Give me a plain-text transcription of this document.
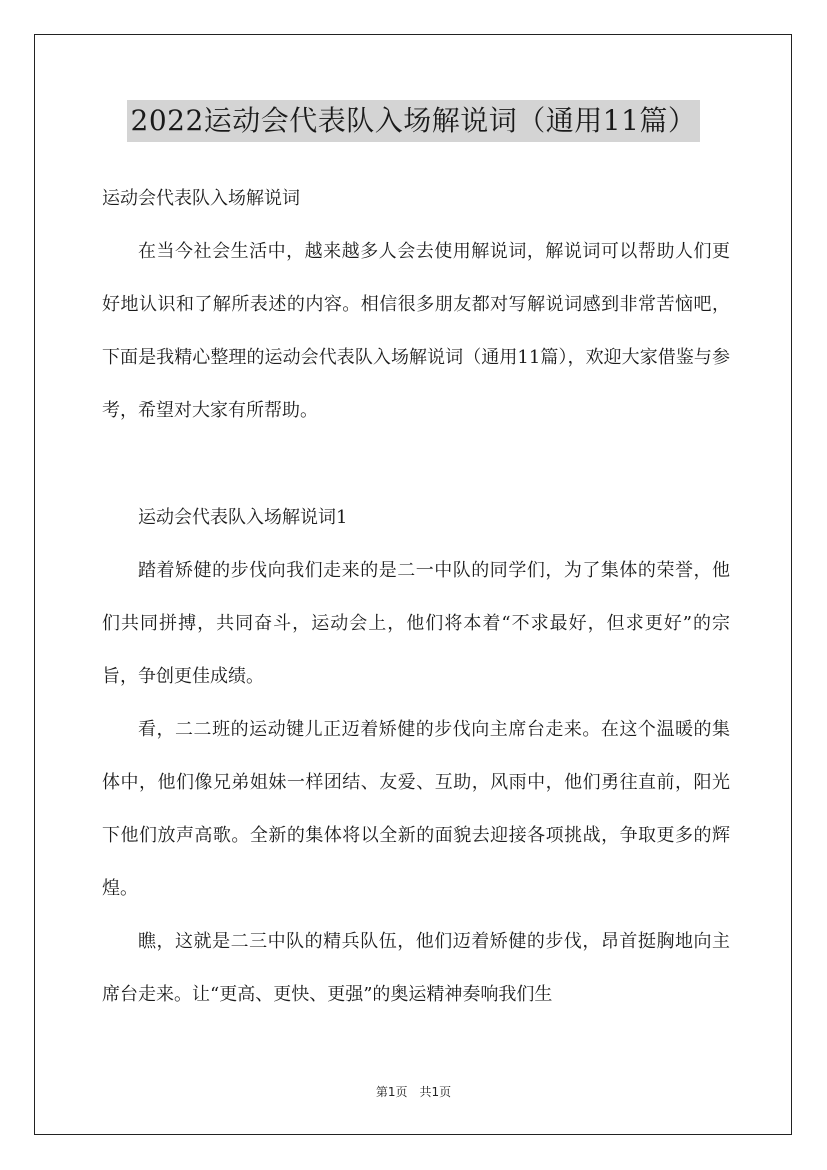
2022运动会代表队入场解说词（通用11篇）

运动会代表队入场解说词

在当今社会生活中，越来越多人会去使用解说词，解说词可以帮助人们更好地认识和了解所表述的内容。相信很多朋友都对写解说词感到非常苦恼吧，下面是我精心整理的运动会代表队入场解说词（通用11篇），欢迎大家借鉴与参考，希望对大家有所帮助。

运动会代表队入场解说词1

踏着矫健的步伐向我们走来的是二一中队的同学们，为了集体的荣誉，他们共同拼搏，共同奋斗，运动会上，他们将本着“不求最好，但求更好”的宗旨，争创更佳成绩。

看，二二班的运动键儿正迈着矫健的步伐向主席台走来。在这个温暖的集体中，他们像兄弟姐妹一样团结、友爱、互助，风雨中，他们勇往直前，阳光下他们放声高歌。全新的集体将以全新的面貌去迎接各项挑战，争取更多的辉煌。

瞧，这就是二三中队的精兵队伍，他们迈着矫健的步伐，昂首挺胸地向主席台走来。让“更高、更快、更强”的奥运精神奏响我们生

第1页 共1页
